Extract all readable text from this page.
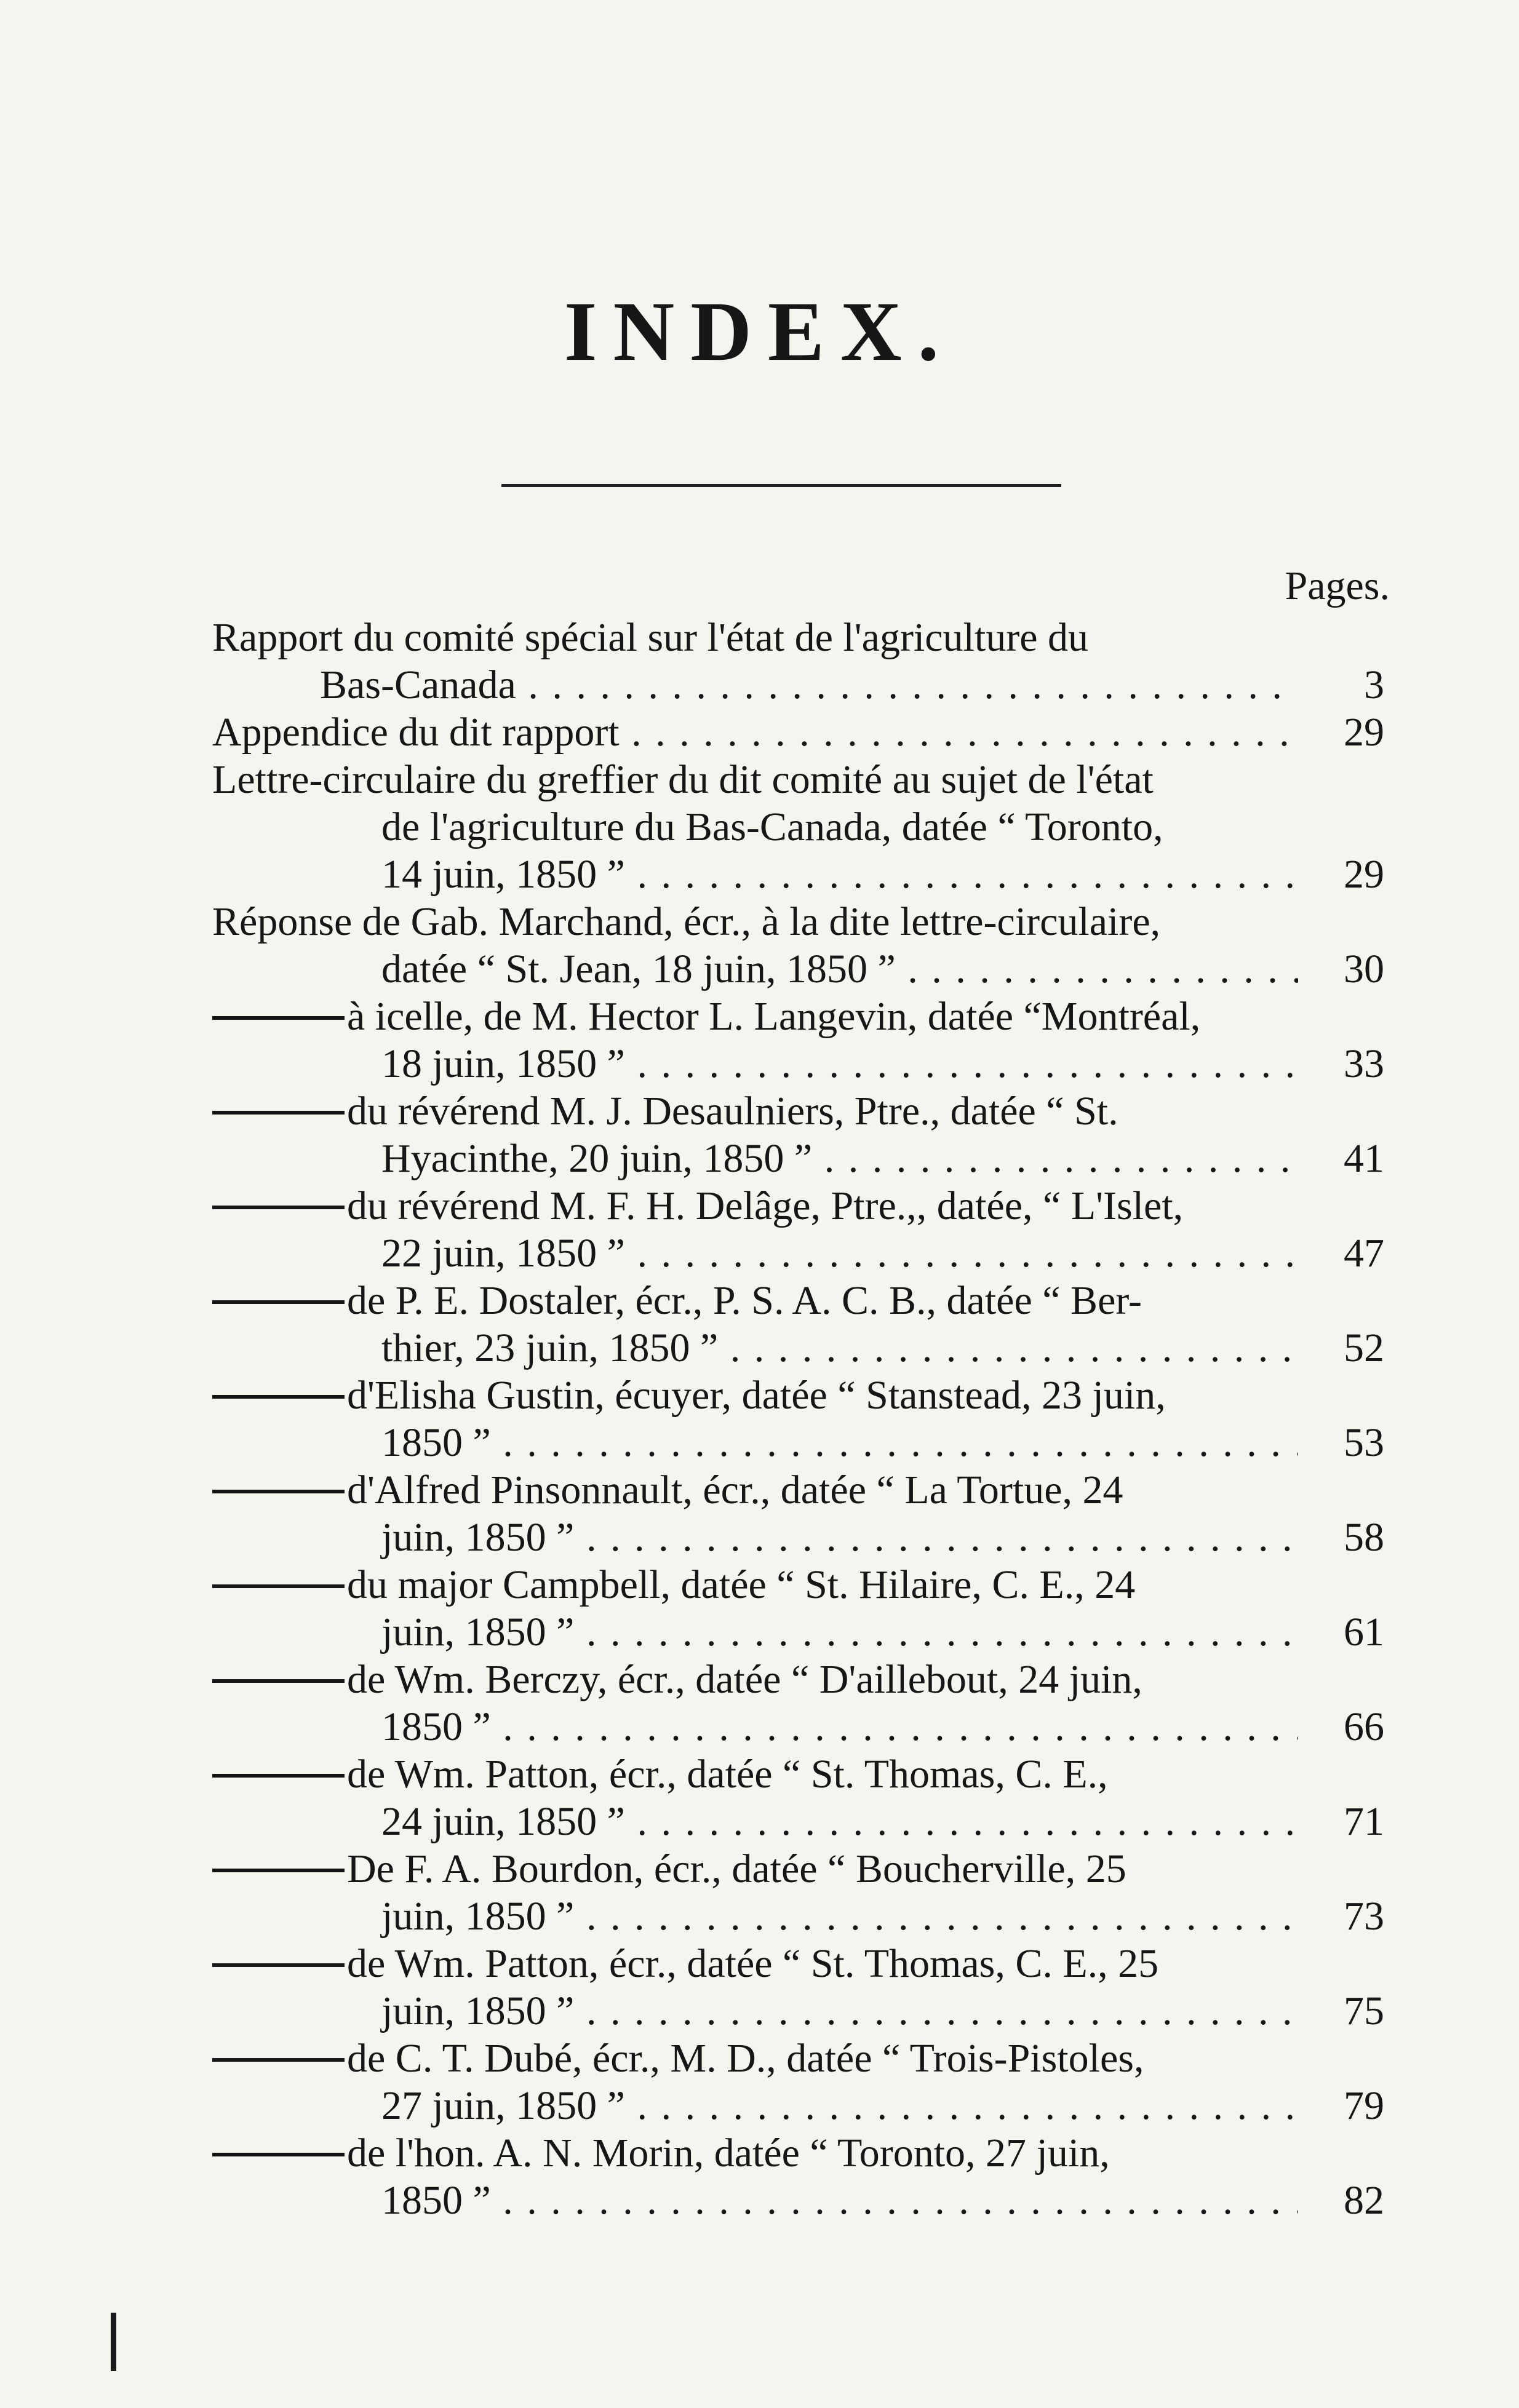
INDEX.
Pages.
Rapport du comité spécial sur l'état de l'agriculture du
Bas-Canada . . .	3
Appendice du dit rapport . . .	29
Lettre-circulaire du greffier du dit comité au sujet de l'état
de l'agriculture du Bas-Canada, datée “ Toronto,
14 juin, 1850 ” . . .	29
Réponse de Gab. Marchand, écr., à la dite lettre-circulaire,
datée “ St. Jean, 18 juin, 1850 ” . . .	30
à icelle, de M. Hector L. Langevin, datée “Montréal,
18 juin, 1850 ” . . .	33
du révérend M. J. Desaulniers, Ptre., datée “ St.
Hyacinthe, 20 juin, 1850 ” . . .	41
du révérend M. F. H. Delâge, Ptre.,, datée, “ L'Islet,
22 juin, 1850 ” . . .	47
de P. E. Dostaler, écr., P. S. A. C. B., datée “ Ber-
thier, 23 juin, 1850 ” . . .	52
d'Elisha Gustin, écuyer, datée “ Stanstead, 23 juin,
1850 ” . . .	53
d'Alfred Pinsonnault, écr., datée “ La Tortue, 24
juin, 1850 ” . . .	58
du major Campbell, datée “ St. Hilaire, C. E., 24
juin, 1850 ” . . .	61
de Wm. Berczy, écr., datée “ D'aillebout, 24 juin,
1850 ” . . .	66
de Wm. Patton, écr., datée “ St. Thomas, C. E.,
24 juin, 1850 ” . . .	71
De F. A. Bourdon, écr., datée “ Boucherville, 25
juin, 1850 ” . . .	73
de Wm. Patton, écr., datée “ St. Thomas, C. E., 25
juin, 1850 ” . . .	75
de C. T. Dubé, écr., M. D., datée “ Trois-Pistoles,
27 juin, 1850 ” . . .	79
de l'hon. A. N. Morin, datée “ Toronto, 27 juin,
1850 ” . . .	82
